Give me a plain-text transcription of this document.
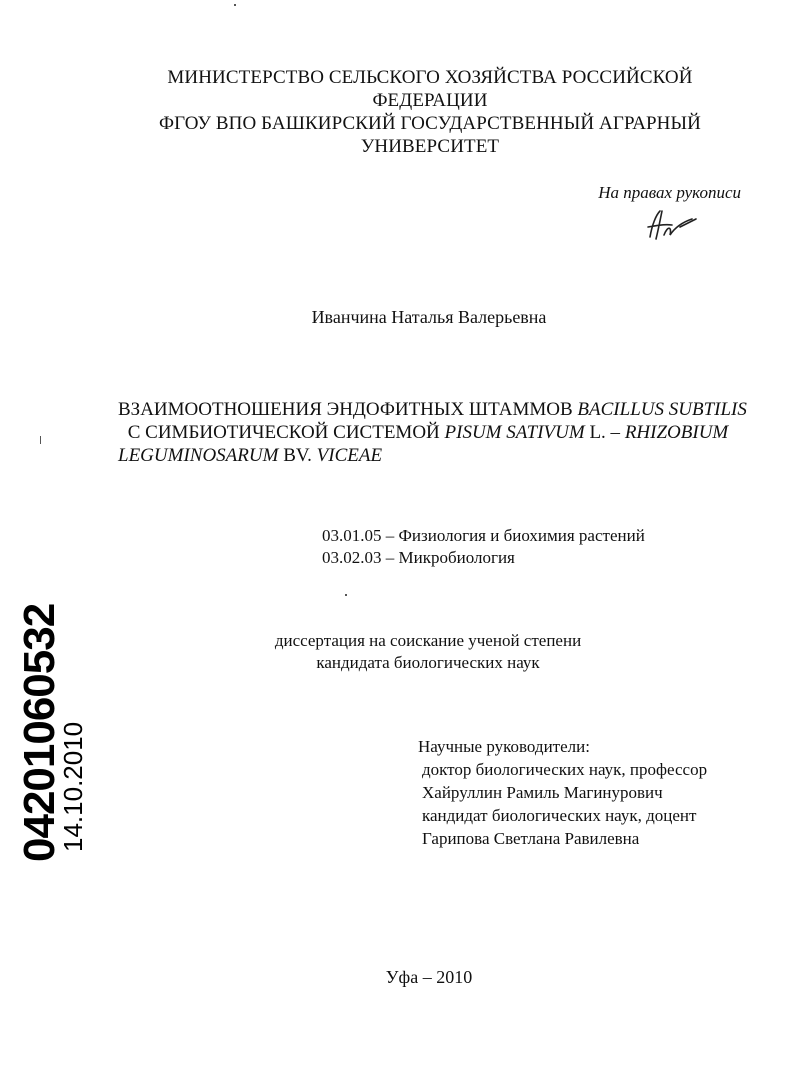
МИНИСТЕРСТВО СЕЛЬСКОГО ХОЗЯЙСТВА РОССИЙСКОЙ
ФЕДЕРАЦИИ
ФГОУ ВПО БАШКИРСКИЙ ГОСУДАРСТВЕННЫЙ АГРАРНЫЙ
УНИВЕРСИТЕТ
На правах рукописи
Иванчина Наталья Валерьевна
ВЗАИМООТНОШЕНИЯ ЭНДОФИТНЫХ ШТАММОВ BACILLUS SUBTILIS
С СИМБИОТИЧЕСКОЙ СИСТЕМОЙ PISUM SATIVUM L. – RHIZOBIUM
LEGUMINOSARUM BV. VICEAE
03.01.05 – Физиология и биохимия растений
03.02.03 – Микробиология
диссертация на соискание ученой степени
кандидата биологических наук
Научные руководители:
доктор биологических наук, профессор
Хайруллин Рамиль Магинурович
кандидат биологических наук, доцент
Гарипова Светлана Равилевна
Уфа – 2010
04201060532
14.10.2010
